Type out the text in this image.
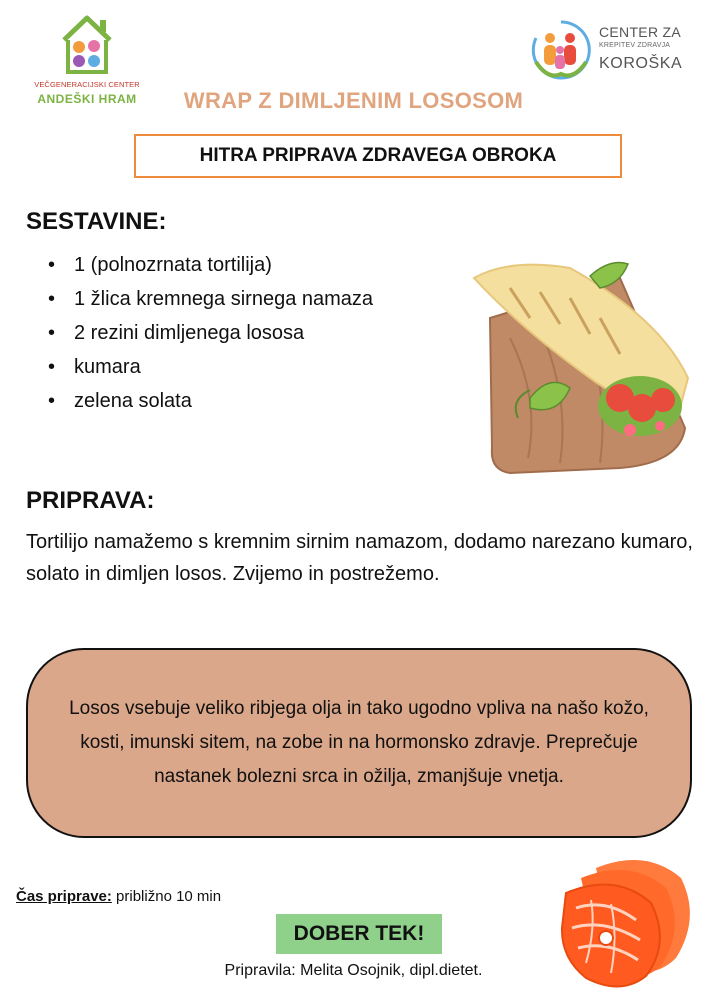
VEČGENERACIJSKI CENTER
ANDEŠKI HRAM
CENTER ZA
KREPITEV ZDRAVJA
KOROŠKA
WRAP Z DIMLJENIM LOSOSOM
HITRA PRIPRAVA ZDRAVEGA OBROKA
SESTAVINE:
• 1 (polnozrnata tortilija)
• 1 žlica kremnega sirnega namaza
• 2 rezini dimljenega lososa
• kumara
• zelena solata
PRIPRAVA:
Tortilijo namažemo s kremnim sirnim namazom, dodamo narezano kumaro, solato in dimljen losos. Zvijemo in postrežemo.
Losos vsebuje veliko ribjega olja in tako ugodno vpliva na našo kožo, kosti, imunski sitem, na zobe in na hormonsko zdravje. Preprečuje nastanek bolezni srca in ožilja, zmanjšuje vnetja.
Čas priprave: približno 10 min
DOBER TEK!
Pripravila: Melita Osojnik, dipl.dietet.
